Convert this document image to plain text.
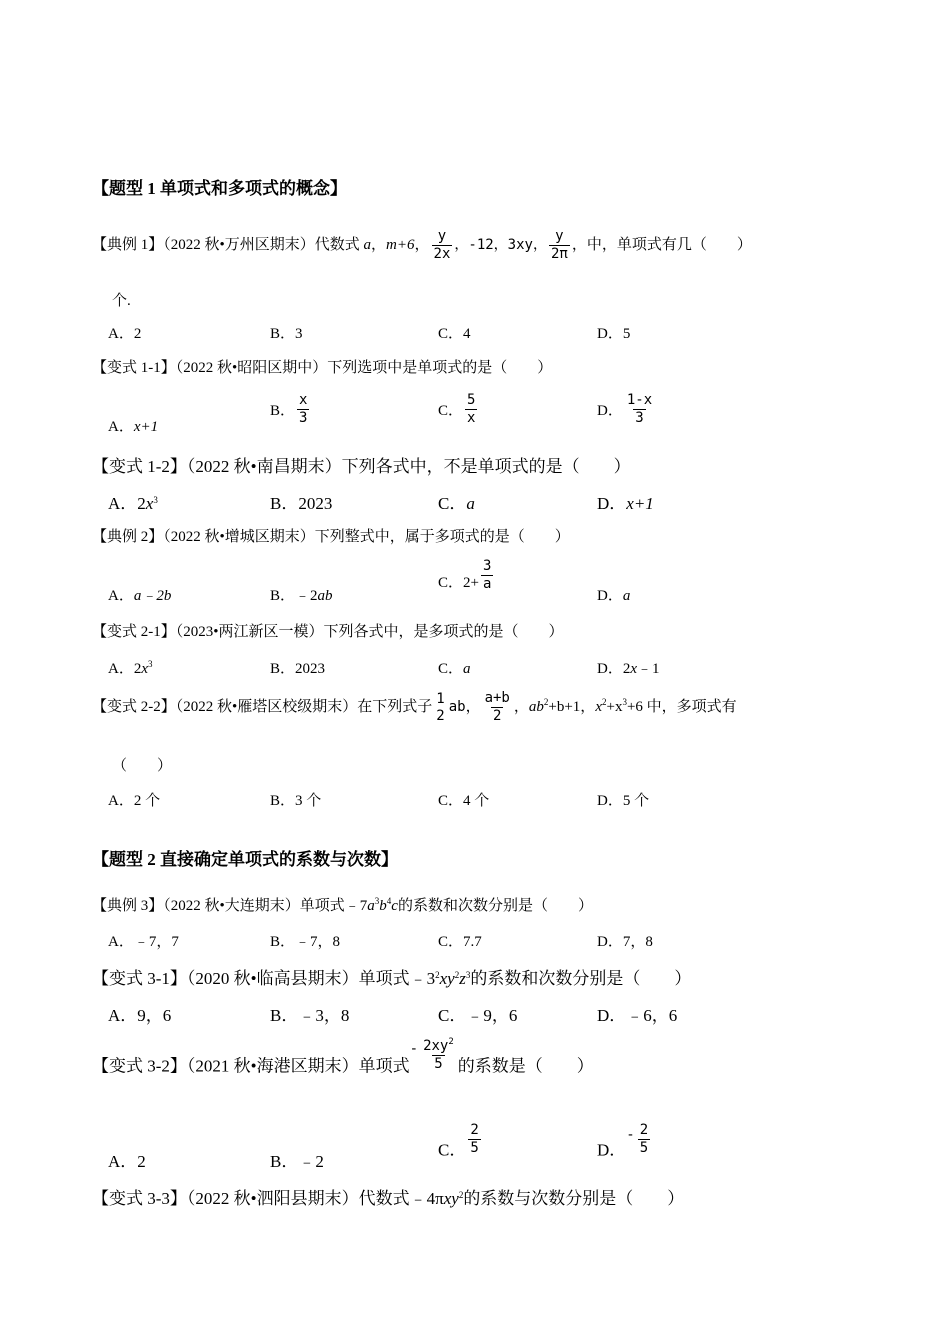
【题型 1 单项式和多项式的概念】
【典例 1】（2022 秋•万州区期末）代数式 a，m+6， $\frac{y}{2x}$ ，-12，3xy， $\frac{y}{2\pi}$ ，中，单项式有几（　　）
个.
A．2	B．3	C．4	D．5
【变式 1-1】（2022 秋•昭阳区期中）下列选项中是单项式的是（　　）
A．x+1
B． $\frac{x}{3}$	C． $\frac{5}{x}$	D． $\frac{1-x}{3}$
【变式 1-2】（2022 秋•南昌期末）下列各式中，不是单项式的是（　　）
A．$2x^3$	B．2023	C．a	D．x+1
【典例 2】（2022 秋•增城区期末）下列整式中，属于多项式的是（　　）
A．a﹣2b	B．﹣2ab
C．$2+ \frac{3}{a}$
D．a
【变式 2-1】（2023•两江新区一模）下列各式中，是多项式的是（　　）
A．$2x^3$	B．2023	C．a	D．2x﹣1
【变式 2-2】（2022 秋•雁塔区校级期末）在下列式子
1
2
ab， $\frac{a+b}{2}$ ，$ab^2+b+1$，$x^2+x^3+6$ 中，多项式有
（　　）
A．2 个	B．3 个	C．4 个	D．5 个
【题型 2 直接确定单项式的系数与次数】
【典例 3】（2022 秋•大连期末）单项式$﹣7a^3b^4c$的系数和次数分别是（　　）
A．﹣7，7	B．﹣7，8	C．7.7	D．7，8
【变式 3-1】（2020 秋•临高县期末）单项式$﹣3^2xy^2z^3$的系数和次数分别是（　　）
A．9，6	B．﹣3，8	C．﹣9，6	D．﹣6，6
【变式 3-2】（2021 秋•海港区期末）单项式$^- \frac{2xy^2}{5}$ 的系数是（　　）
A．2	B．﹣2
C． $\frac{2}{5}$	D．$^- \frac{2}{5}$
【变式 3-3】（2022 秋•泗阳县期末）代数式﹣4πxy$^2$的系数与次数分别是（　　）
